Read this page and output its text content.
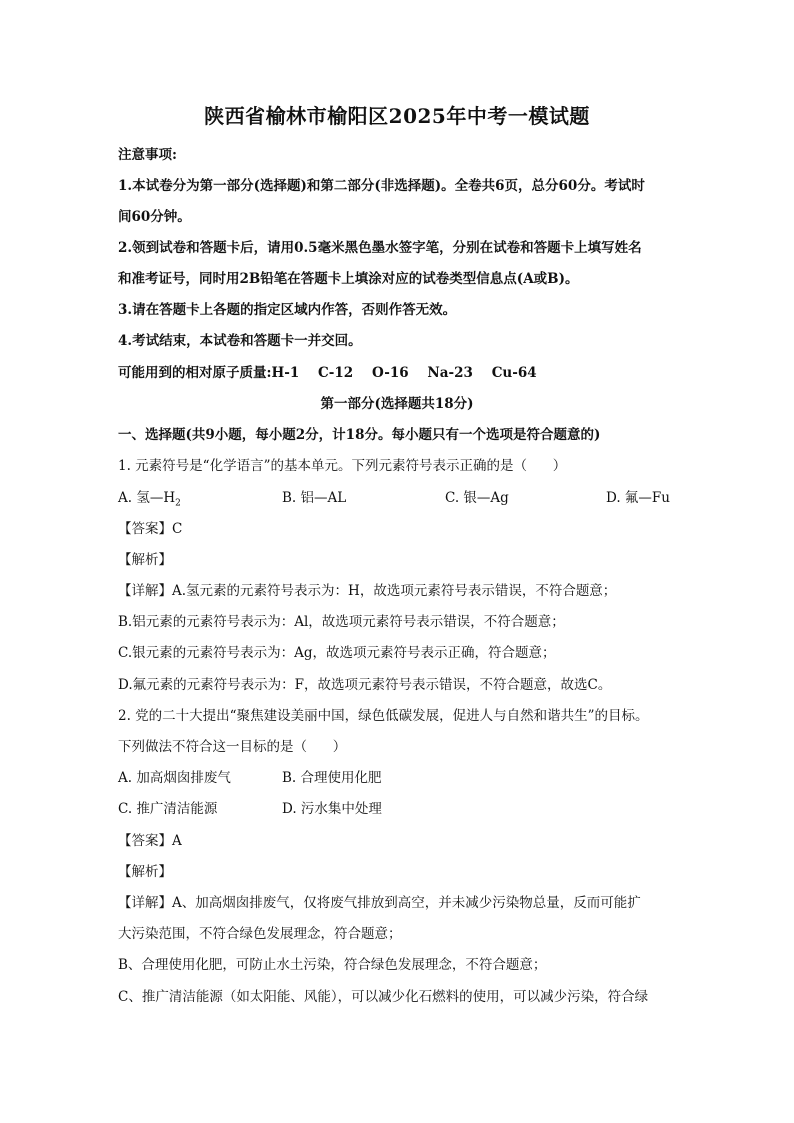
陕西省榆林市榆阳区2025年中考一模试题
注意事项:
1.本试卷分为第一部分(选择题)和第二部分(非选择题)。全卷共6页，总分60分。考试时
间60分钟。
2.领到试卷和答题卡后，请用0.5毫米黑色墨水签字笔，分别在试卷和答题卡上填写姓名
和准考证号，同时用2B铅笔在答题卡上填涂对应的试卷类型信息点(A或B)。
3.请在答题卡上各题的指定区域内作答，否则作答无效。
4.考试结束，本试卷和答题卡一并交回。
可能用到的相对原子质量:H-1    C-12    O-16    Na-23    Cu-64
第一部分(选择题共18分)
一、选择题(共9小题，每小题2分，计18分。每小题只有一个选项是符合题意的)
1. 元素符号是“化学语言”的基本单元。下列元素符号表示正确的是（      ）
A. 氢$—H_2$	B. 铝—AL	C. 银—Ag	D. 氟—Fu
【答案】C
【解析】
【详解】A.氢元素的元素符号表示为：H，故选项元素符号表示错误，不符合题意；
B.铝元素的元素符号表示为：Al，故选项元素符号表示错误，不符合题意；
C.银元素的元素符号表示为：Ag，故选项元素符号表示正确，符合题意；
D.氟元素的元素符号表示为：F，故选项元素符号表示错误，不符合题意，故选C。
2. 党的二十大提出“聚焦建设美丽中国，绿色低碳发展，促进人与自然和谐共生”的目标。
下列做法不符合这一目标的是（      ）
A. 加高烟囱排废气	B. 合理使用化肥
C. 推广清洁能源	D. 污水集中处理
【答案】A
【解析】
【详解】A、加高烟囱排废气，仅将废气排放到高空，并未减少污染物总量，反而可能扩
大污染范围，不符合绿色发展理念，符合题意；
B、合理使用化肥，可防止水土污染，符合绿色发展理念，不符合题意；
C、推广清洁能源（如太阳能、风能），可以减少化石燃料的使用，可以减少污染，符合绿
